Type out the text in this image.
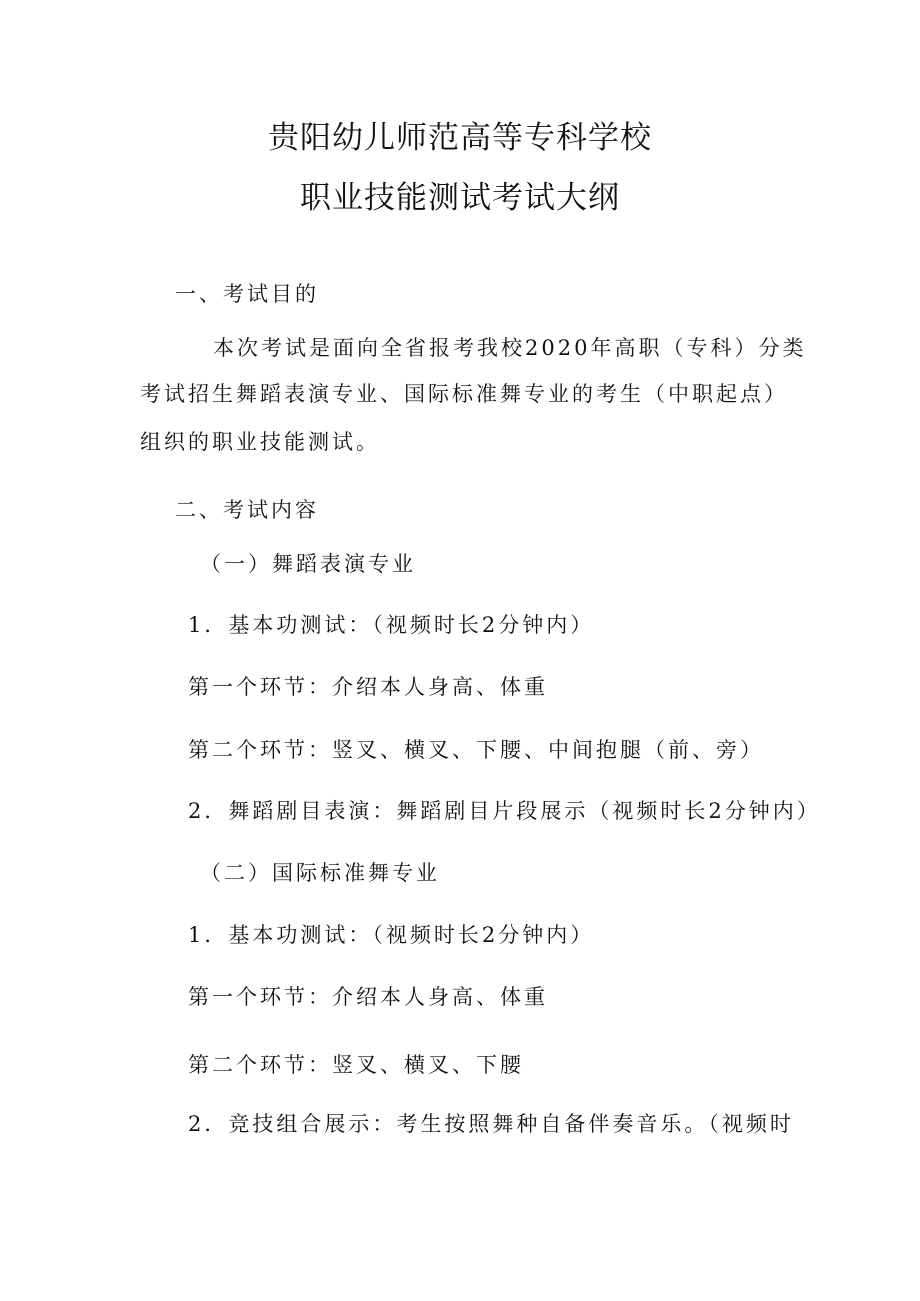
贵阳幼儿师范高等专科学校
职业技能测试考试大纲
一、考试目的
本次考试是面向全省报考我校2020年高职（专科）分类
考试招生舞蹈表演专业、国际标准舞专业的考生（中职起点）
组织的职业技能测试。
二、考试内容
（一）舞蹈表演专业
1．基本功测试：（视频时长2分钟内）
第一个环节：介绍本人身高、体重
第二个环节：竖叉、横叉、下腰、中间抱腿（前、旁）
2．舞蹈剧目表演：舞蹈剧目片段展示（视频时长2分钟内）
（二）国际标准舞专业
1．基本功测试：（视频时长2分钟内）
第一个环节：介绍本人身高、体重
第二个环节：竖叉、横叉、下腰
2．竞技组合展示：考生按照舞种自备伴奏音乐。（视频时
